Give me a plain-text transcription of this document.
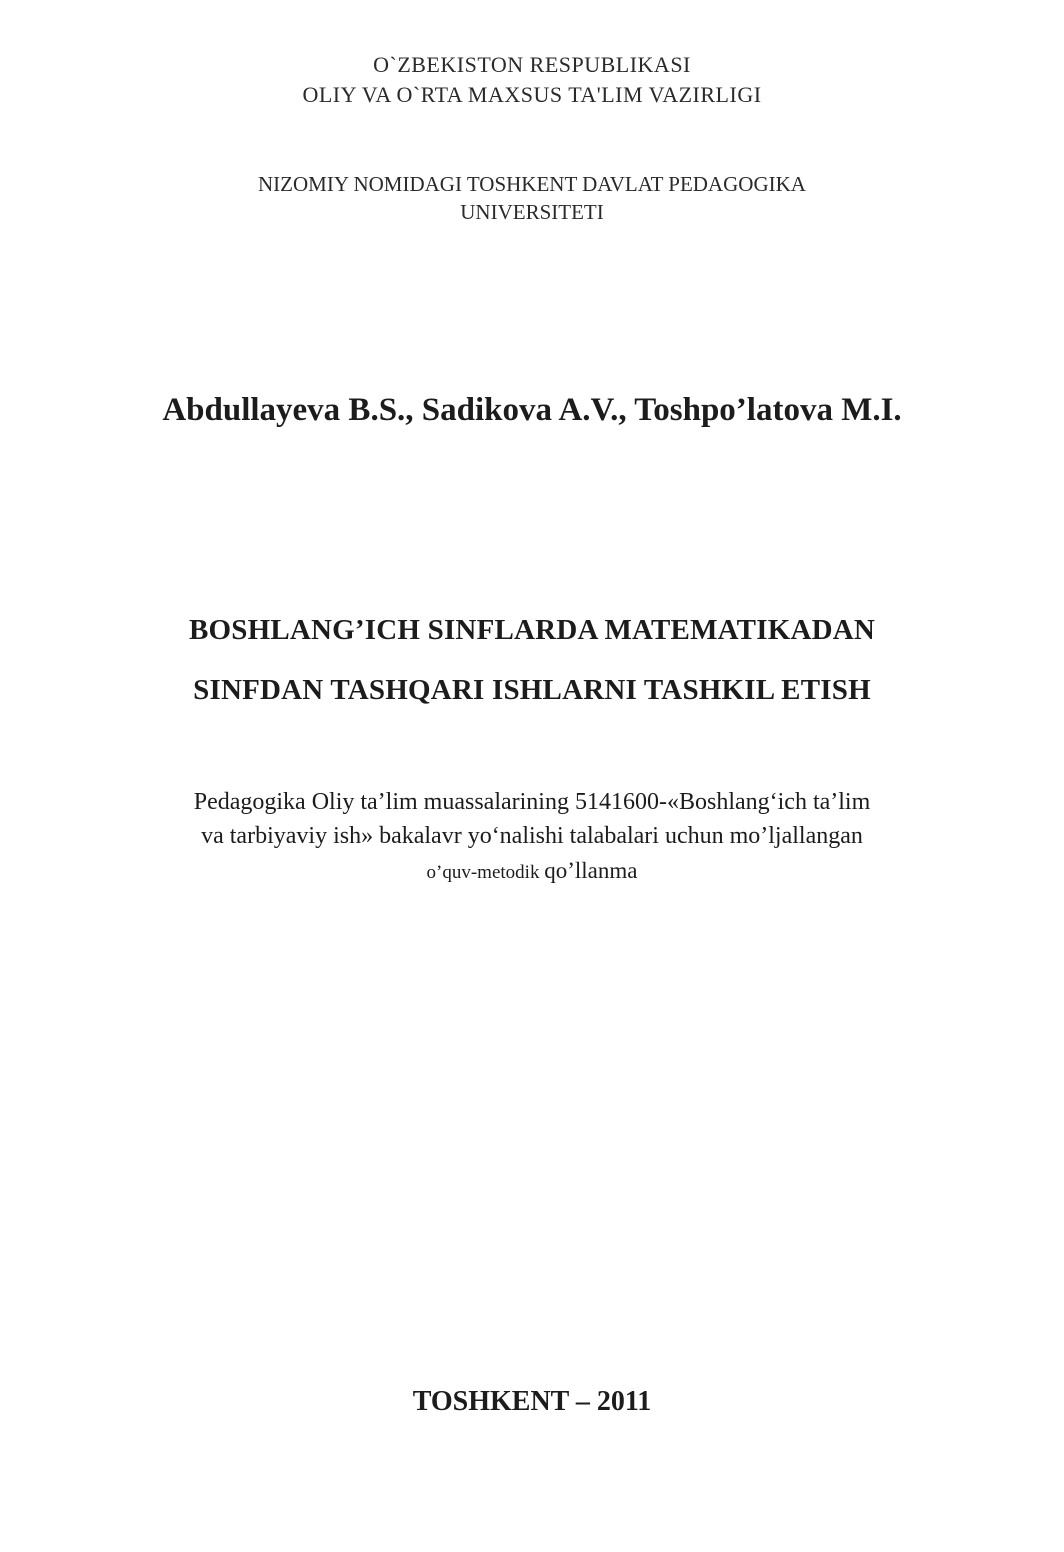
O`ZBEKISTON RESPUBLIKASI
OLIY VA O`RTA MAXSUS TA'LIM VAZIRLIGI
NIZOMIY NOMIDAGI TOSHKENT DAVLAT PEDAGOGIKA
UNIVERSITETI
Abdullayeva B.S., Sadikova A.V., Toshpo’latova M.I.
BOSHLANG’ICH SINFLARDA MATEMATIKADAN
SINFDAN TASHQARI ISHLARNI TASHKIL ETISH
Pedagogika Oliy ta’lim muassalarining 5141600-«Boshlang‘ich ta’lim
va tarbiyaviy ish» bakalavr yo‘nalishi talabalari uchun mo’ljallangan
o’quv-metodik qo’llanma
TOSHKENT – 2011
